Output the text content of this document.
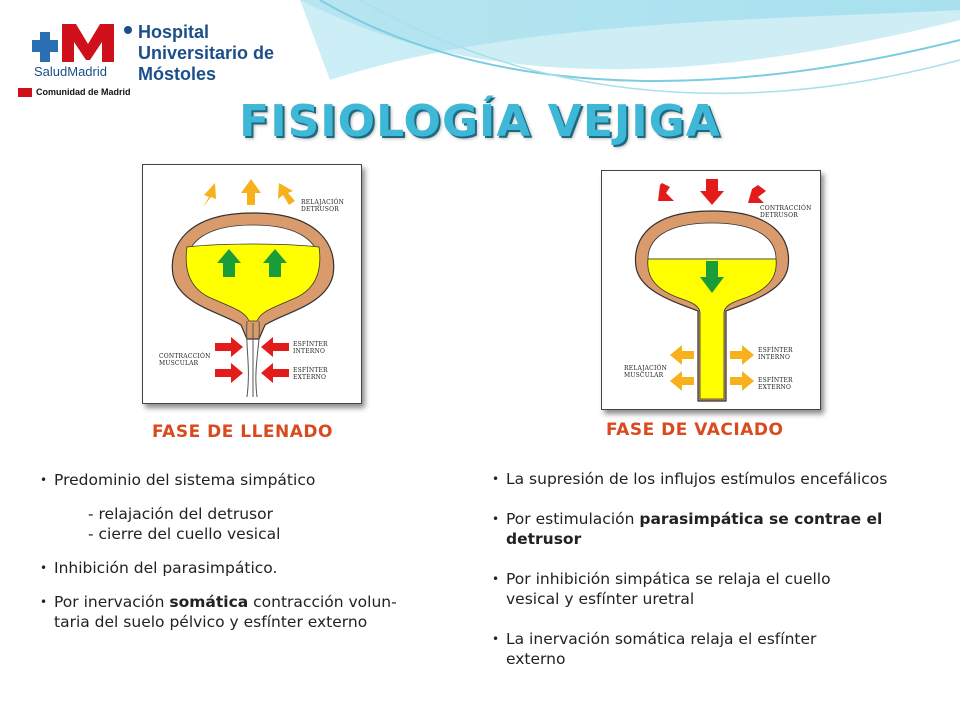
Hospital Universitario de Móstoles
SaludMadrid
Comunidad de Madrid
FISIOLOGÍA VEJIGA
RELAJACIÓN DETRUSOR
ESFÍNTER INTERNO
ESFÍNTER EXTERNO
CONTRACCIÓN MUSCULAR
CONTRACCIÓN DETRUSOR
ESFÍNTER INTERNO
ESFÍNTER EXTERNO
RELAJACIÓN MUSCULAR
FASE DE LLENADO
• Predominio del sistema simpático
- relajación del detrusor
- cierre del cuello vesical
• Inhibición del parasimpático.
• Por inervación somática contracción volun-
taria del suelo pélvico y esfínter externo
FASE DE VACIADO
• La supresión de los influjos estímulos encefálicos
• Por estimulación parasimpática se contrae el detrusor
• Por inhibición simpática se relaja el cuello
vesical y esfínter uretral
• La inervación somática relaja el esfínter
externo
